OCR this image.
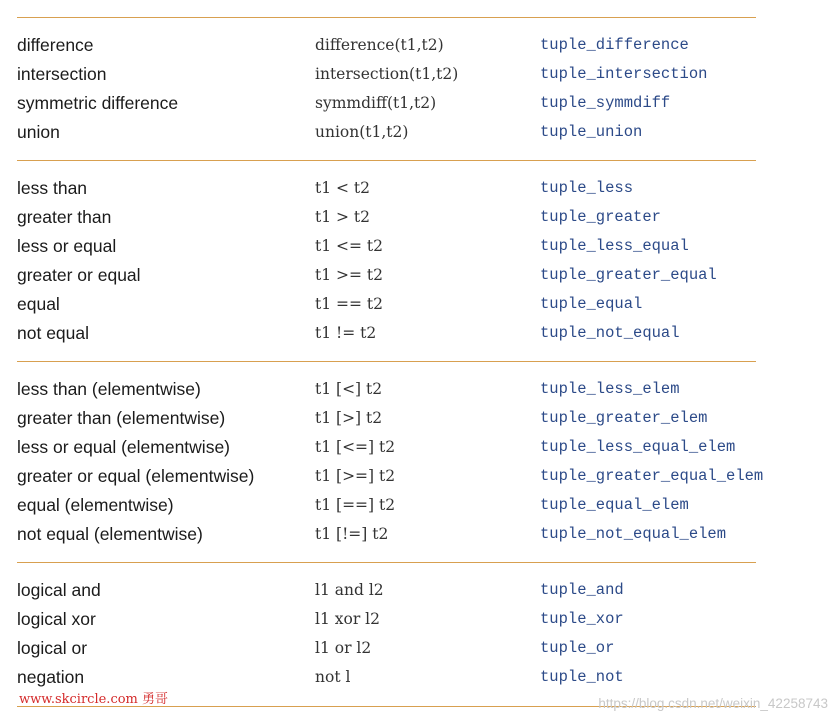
difference	difference(t1,t2)	tuple_difference
intersection	intersection(t1,t2)	tuple_intersection
symmetric difference	symmdiff(t1,t2)	tuple_symmdiff
union	union(t1,t2)	tuple_union
less than	t1 < t2	tuple_less
greater than	t1 > t2	tuple_greater
less or equal	t1 <= t2	tuple_less_equal
greater or equal	t1 >= t2	tuple_greater_equal
equal	t1 == t2	tuple_equal
not equal	t1 != t2	tuple_not_equal
less than (elementwise)	t1 [<] t2	tuple_less_elem
greater than (elementwise)	t1 [>] t2	tuple_greater_elem
less or equal (elementwise)	t1 [<=] t2	tuple_less_equal_elem
greater or equal (elementwise)	t1 [>=] t2	tuple_greater_equal_elem
equal (elementwise)	t1 [==] t2	tuple_equal_elem
not equal (elementwise)	t1 [!=] t2	tuple_not_equal_elem
logical and	l1 and l2	tuple_and
logical xor	l1 xor l2	tuple_xor
logical or	l1 or l2	tuple_or
negation	not l	tuple_not
www.skcircle.com 勇哥	https://blog.csdn.net/weixin_42258743
